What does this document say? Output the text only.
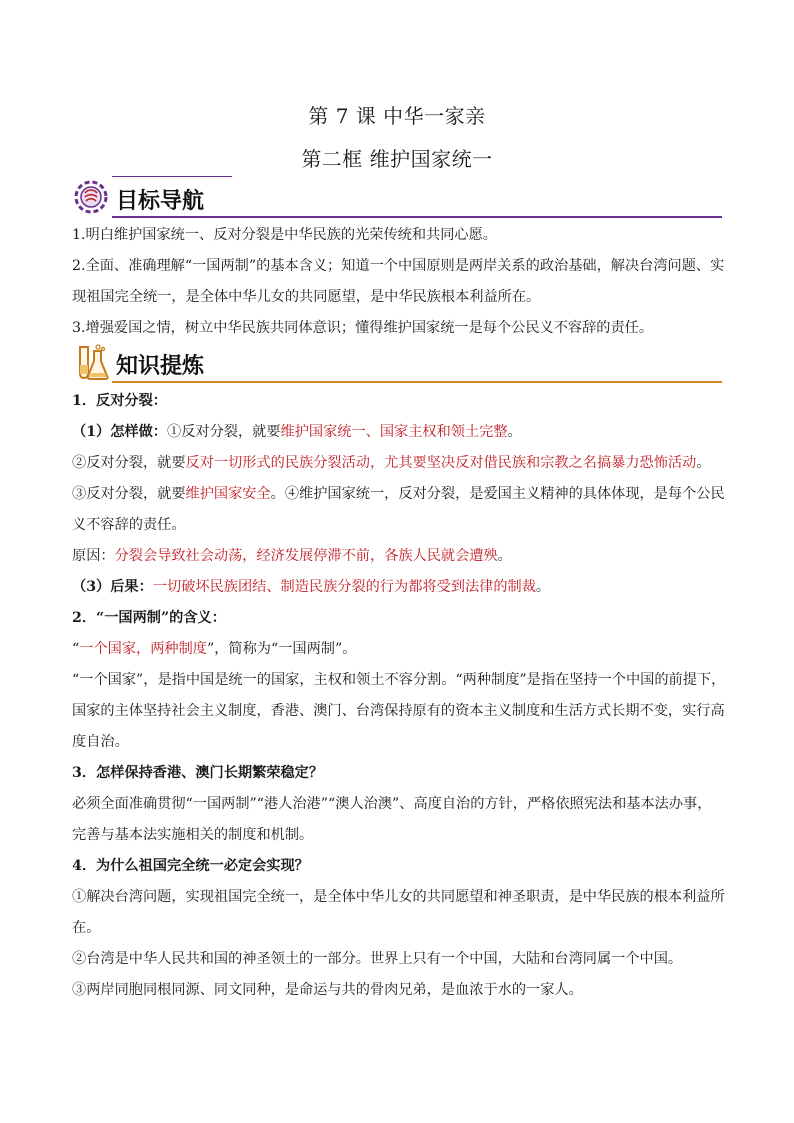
第 7 课 中华一家亲
第二框 维护国家统一
目标导航
1.明白维护国家统一、反对分裂是中华民族的光荣传统和共同心愿。
2.全面、准确理解“一国两制”的基本含义；知道一个中国原则是两岸关系的政治基础，解决台湾问题、实
现祖国完全统一，是全体中华儿女的共同愿望，是中华民族根本利益所在。
3.增强爱国之情，树立中华民族共同体意识；懂得维护国家统一是每个公民义不容辞的责任。
知识提炼
1．反对分裂：
（1）怎样做：①反对分裂，就要维护国家统一、国家主权和领土完整。
②反对分裂，就要反对一切形式的民族分裂活动，尤其要坚决反对借民族和宗教之名搞暴力恐怖活动。
③反对分裂，就要维护国家安全。④维护国家统一，反对分裂，是爱国主义精神的具体体现，是每个公民
义不容辞的责任。
原因：分裂会导致社会动荡，经济发展停滞不前，各族人民就会遭殃。
（3）后果：一切破坏民族团结、制造民族分裂的行为都将受到法律的制裁。
2．“一国两制”的含义：
“一个国家，两种制度”，简称为“一国两制”。
“一个国家”，是指中国是统一的国家，主权和领土不容分割。“两种制度”是指在坚持一个中国的前提下，
国家的主体坚持社会主义制度，香港、澳门、台湾保持原有的资本主义制度和生活方式长期不变，实行高
度自治。
3．怎样保持香港、澳门长期繁荣稳定？
必须全面准确贯彻“一国两制”“港人治港”“澳人治澳”、高度自治的方针，严格依照宪法和基本法办事，
完善与基本法实施相关的制度和机制。
4．为什么祖国完全统一必定会实现？
①解决台湾问题，实现祖国完全统一，是全体中华儿女的共同愿望和神圣职责，是中华民族的根本利益所
在。
②台湾是中华人民共和国的神圣领土的一部分。世界上只有一个中国，大陆和台湾同属一个中国。
③两岸同胞同根同源、同文同种，是命运与共的骨肉兄弟，是血浓于水的一家人。
